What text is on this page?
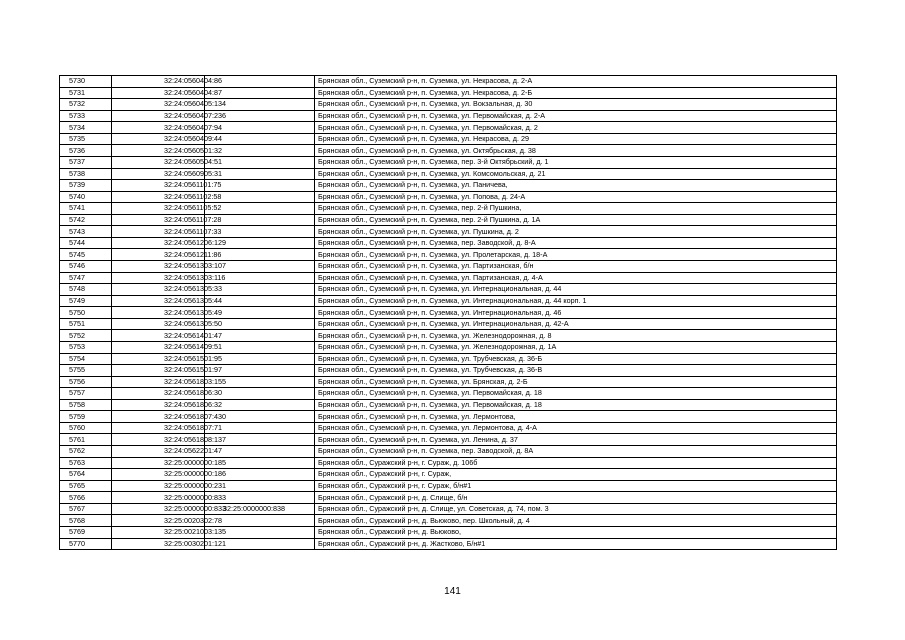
5730	32:24:0560404:86		Брянская обл., Суземский р-н, п. Суземка, ул. Некрасова, д. 2-А
5731	32:24:0560404:87		Брянская обл., Суземский р-н, п. Суземка, ул. Некрасова, д. 2-Б
5732	32:24:0560405:134		Брянская обл., Суземский р-н, п. Суземка, ул. Вокзальная, д. 30
5733	32:24:0560407:236		Брянская обл., Суземский р-н, п. Суземка, ул. Первомайская, д. 2-А
5734	32:24:0560407:94		Брянская обл., Суземский р-н, п. Суземка, ул. Первомайская, д. 2
5735	32:24:0560409:44		Брянская обл., Суземский р-н, п. Суземка, ул. Некрасова, д. 29
5736	32:24:0560501:32		Брянская обл., Суземский р-н, п. Суземка, ул. Октябрьская, д. 38
5737	32:24:0560504:51		Брянская обл., Суземский р-н, п. Суземка, пер. 3-й Октябрьский, д. 1
5738	32:24:0560905:31		Брянская обл., Суземский р-н, п. Суземка, ул. Комсомольская, д. 21
5739	32:24:0561101:75		Брянская обл., Суземский р-н, п. Суземка, ул. Паничева,
5740	32:24:0561102:58		Брянская обл., Суземский р-н, п. Суземка, ул. Попова, д. 24-А
5741	32:24:0561105:52		Брянская обл., Суземский р-н, п. Суземка, пер. 2-й Пушкина,
5742	32:24:0561107:28		Брянская обл., Суземский р-н, п. Суземка, пер. 2-й Пушкина, д. 1А
5743	32:24:0561107:33		Брянская обл., Суземский р-н, п. Суземка, ул. Пушкина, д. 2
5744	32:24:0561206:129		Брянская обл., Суземский р-н, п. Суземка, пер. Заводской, д. 8-А
5745	32:24:0561211:86		Брянская обл., Суземский р-н, п. Суземка, ул. Пролетарская, д. 18-А
5746	32:24:0561303:107		Брянская обл., Суземский р-н, п. Суземка, ул. Партизанская, б/н
5747	32:24:0561303:116		Брянская обл., Суземский р-н, п. Суземка, ул. Партизанская, д. 4-А
5748	32:24:0561305:33		Брянская обл., Суземский р-н, п. Суземка, ул. Интернациональная, д. 44
5749	32:24:0561305:44		Брянская обл., Суземский р-н, п. Суземка, ул. Интернациональная, д. 44 корп. 1
5750	32:24:0561305:49		Брянская обл., Суземский р-н, п. Суземка, ул. Интернациональная, д. 46
5751	32:24:0561305:50		Брянская обл., Суземский р-н, п. Суземка, ул. Интернациональная, д. 42-А
5752	32:24:0561401:47		Брянская обл., Суземский р-н, п. Суземка, ул. Железнодорожная, д. 8
5753	32:24:0561409:51		Брянская обл., Суземский р-н, п. Суземка, ул. Железнодорожная, д. 1А
5754	32:24:0561501:95		Брянская обл., Суземский р-н, п. Суземка, ул. Трубчевская, д. 36-Б
5755	32:24:0561501:97		Брянская обл., Суземский р-н, п. Суземка, ул. Трубчевская, д. 36-В
5756	32:24:0561803:155		Брянская обл., Суземский р-н, п. Суземка, ул. Брянская, д. 2-Б
5757	32:24:0561806:30		Брянская обл., Суземский р-н, п. Суземка, ул. Первомайская, д. 18
5758	32:24:0561806:32		Брянская обл., Суземский р-н, п. Суземка, ул. Первомайская, д. 18
5759	32:24:0561807:430		Брянская обл., Суземский р-н, п. Суземка, ул. Лермонтова,
5760	32:24:0561807:71		Брянская обл., Суземский р-н, п. Суземка, ул. Лермонтова, д. 4-А
5761	32:24:0561808:137		Брянская обл., Суземский р-н, п. Суземка, ул. Ленина, д. 37
5762	32:24:0562201:47		Брянская обл., Суземский р-н, п. Суземка, пер. Заводской, д. 8А
5763	32:25:0000000:185		Брянская обл., Суражский р-н, г. Сураж, д. 106б
5764	32:25:0000000:186		Брянская обл., Суражский р-н, г. Сураж,
5765	32:25:0000000:231		Брянская обл., Суражский р-н, г. Сураж, б/н#1
5766	32:25:0000000:833		Брянская обл., Суражский р-н, д. Слище, б/н
5767	32:25:0000000:833	32:25:0000000:838	Брянская обл., Суражский р-н, д. Слище, ул. Советская, д. 74, пом. 3
5768	32:25:0020302:78		Брянская обл., Суражский р-н, д. Вьюково, пер. Школьный, д. 4
5769	32:25:0021003:135		Брянская обл., Суражский р-н, д. Вьюково,
5770	32:25:0030201:121		Брянская обл., Суражский р-н, д. Жастково, Б/н#1
141
